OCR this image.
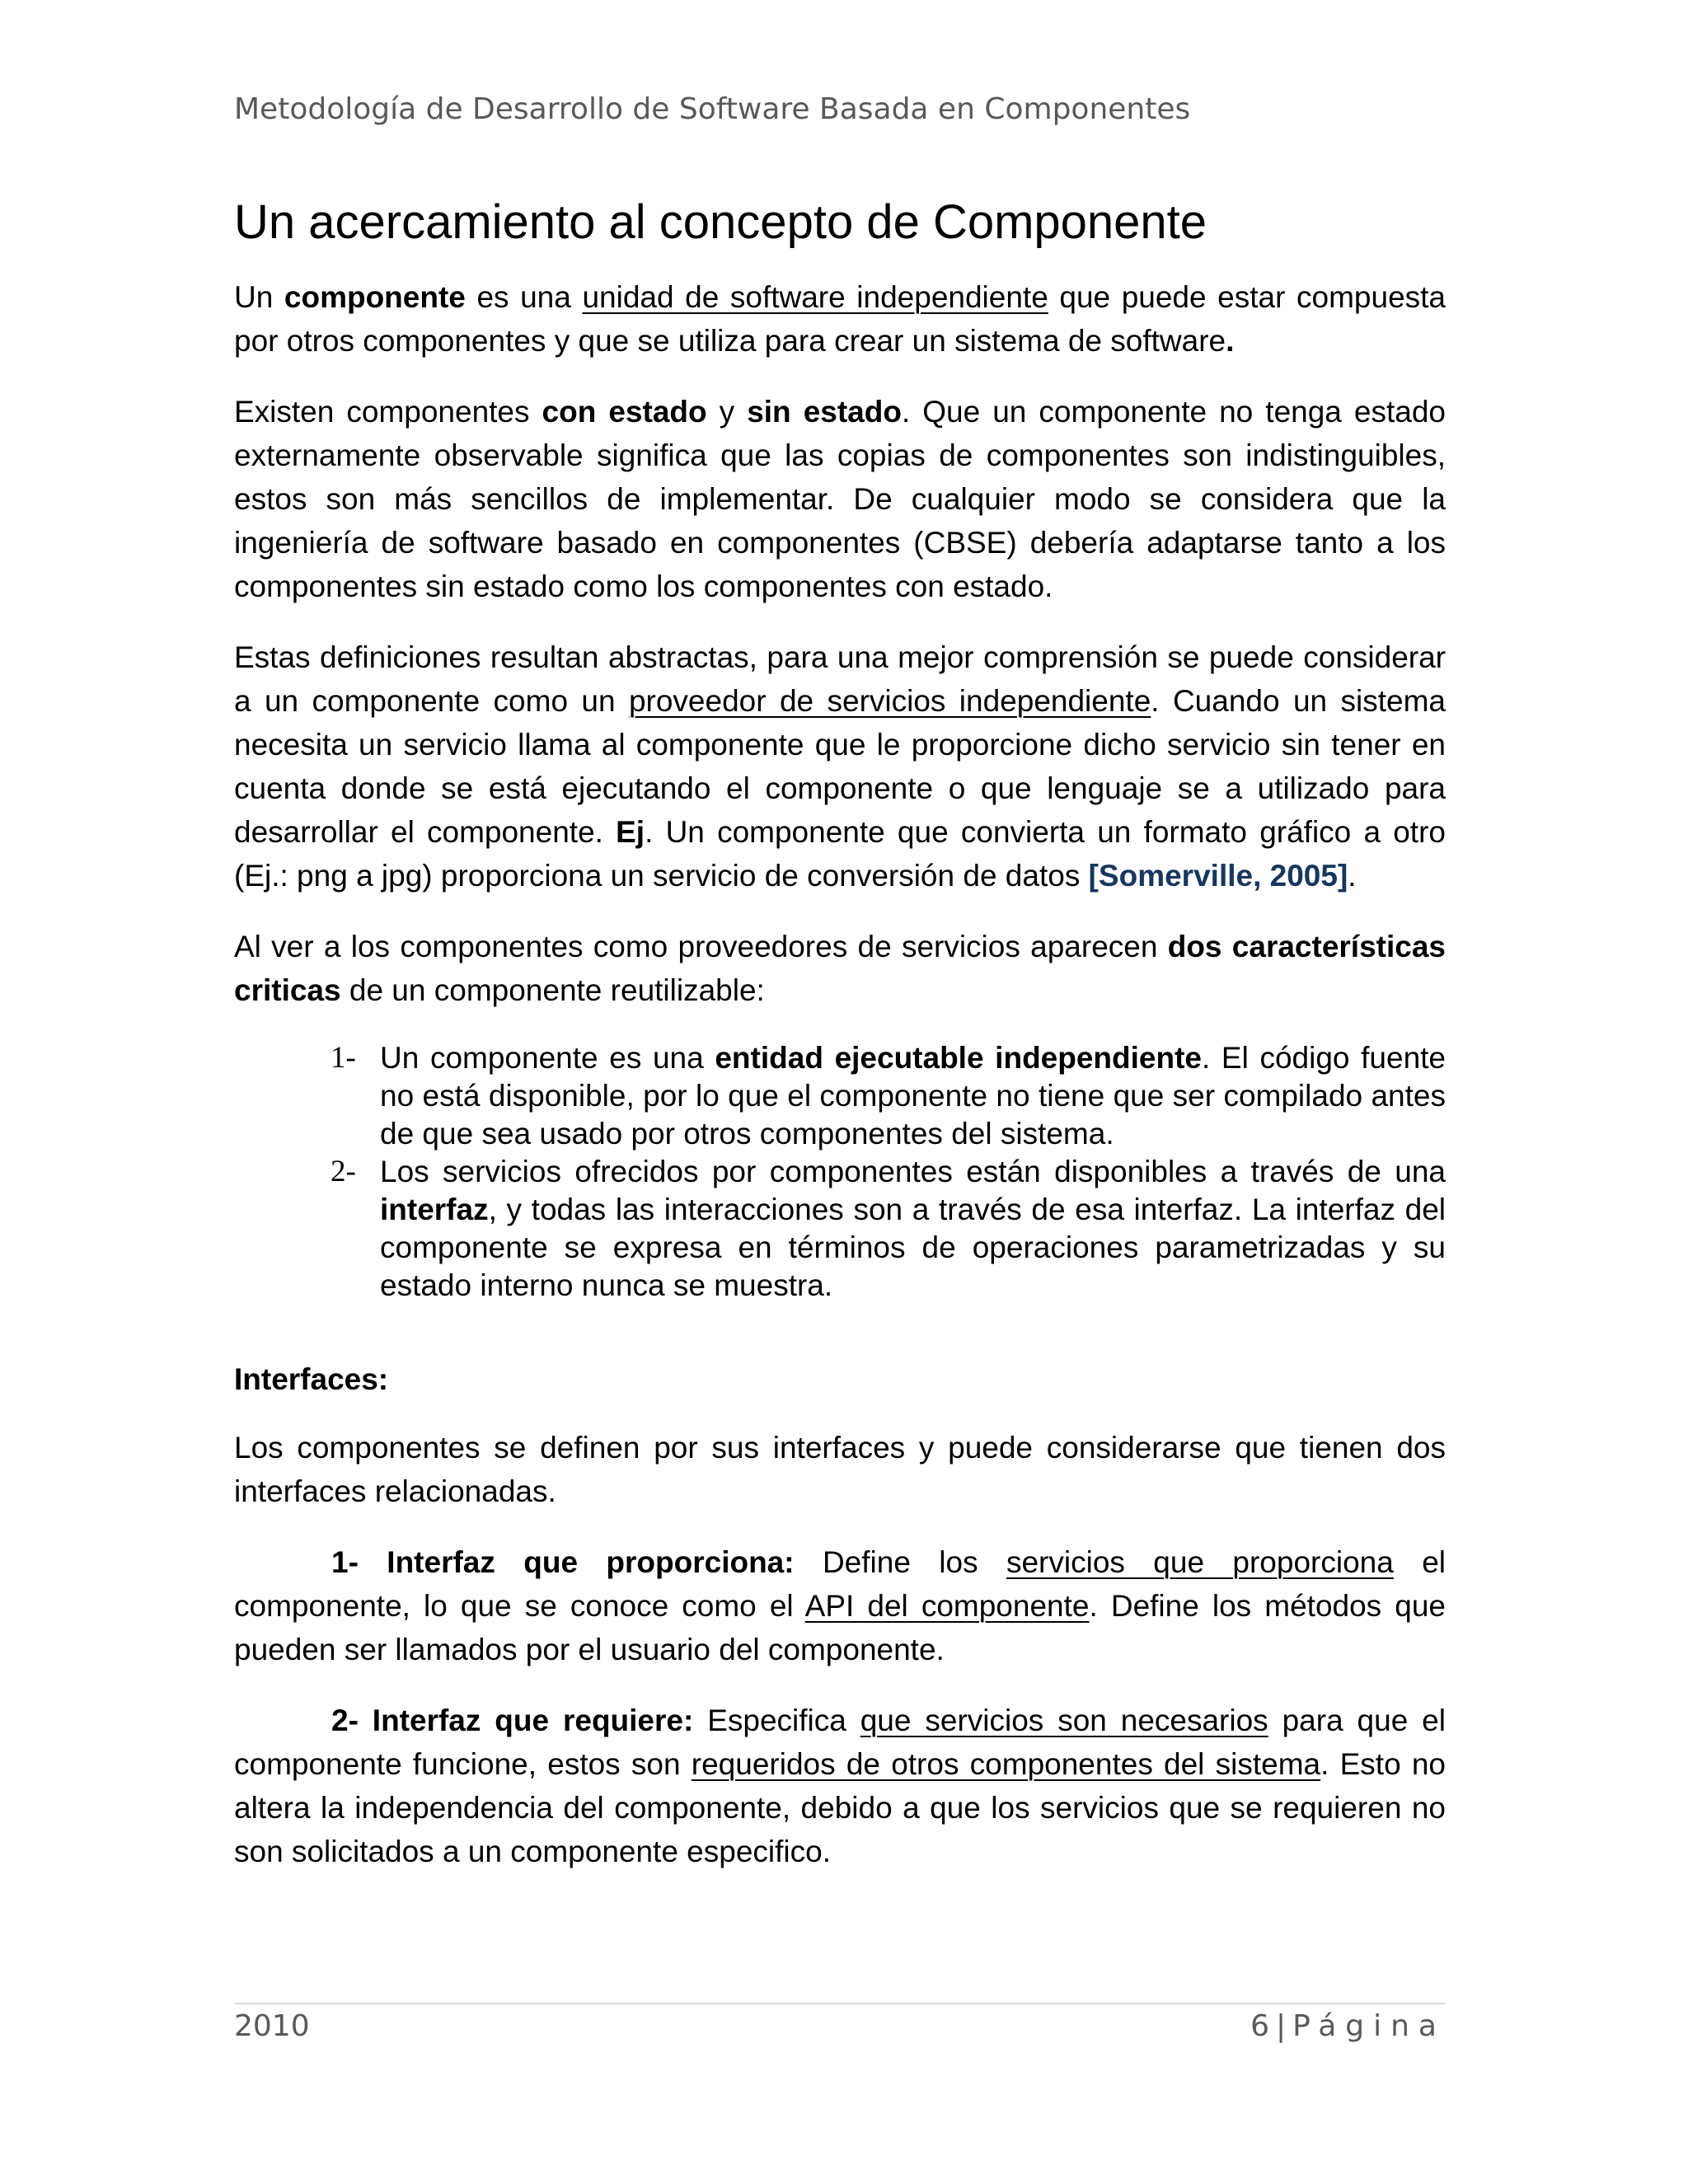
Metodología de Desarrollo de Software Basada en Componentes
Un acercamiento al concepto de Componente

Un componente es una unidad de software independiente que puede estar compuesta por otros componentes y que se utiliza para crear un sistema de software.

Existen componentes con estado y sin estado. Que un componente no tenga estado externamente observable significa que las copias de componentes son indistinguibles, estos son más sencillos de implementar. De cualquier modo se considera que la ingeniería de software basado en componentes (CBSE) debería adaptarse tanto a los componentes sin estado como los componentes con estado.

Estas definiciones resultan abstractas, para una mejor comprensión se puede considerar a un componente como un proveedor de servicios independiente. Cuando un sistema necesita un servicio llama al componente que le proporcione dicho servicio sin tener en cuenta donde se está ejecutando el componente o que lenguaje se a utilizado para desarrollar el componente. Ej. Un componente que convierta un formato gráfico a otro (Ej.: png a jpg) proporciona un servicio de conversión de datos [Somerville, 2005].

Al ver a los componentes como proveedores de servicios aparecen dos características criticas de un componente reutilizable:

1- Un componente es una entidad ejecutable independiente. El código fuente no está disponible, por lo que el componente no tiene que ser compilado antes de que sea usado por otros componentes del sistema.
2- Los servicios ofrecidos por componentes están disponibles a través de una interfaz, y todas las interacciones son a través de esa interfaz. La interfaz del componente se expresa en términos de operaciones parametrizadas y su estado interno nunca se muestra.
Interfaces:

Los componentes se definen por sus interfaces y puede considerarse que tienen dos interfaces relacionadas.

1- Interfaz que proporciona: Define los servicios que proporciona el componente, lo que se conoce como el API del componente. Define los métodos que pueden ser llamados por el usuario del componente.

2- Interfaz que requiere: Especifica que servicios son necesarios para que el componente funcione, estos son requeridos de otros componentes del sistema. Esto no altera la independencia del componente, debido a que los servicios que se requieren no son solicitados a un componente especifico.

2010	6 | Página
